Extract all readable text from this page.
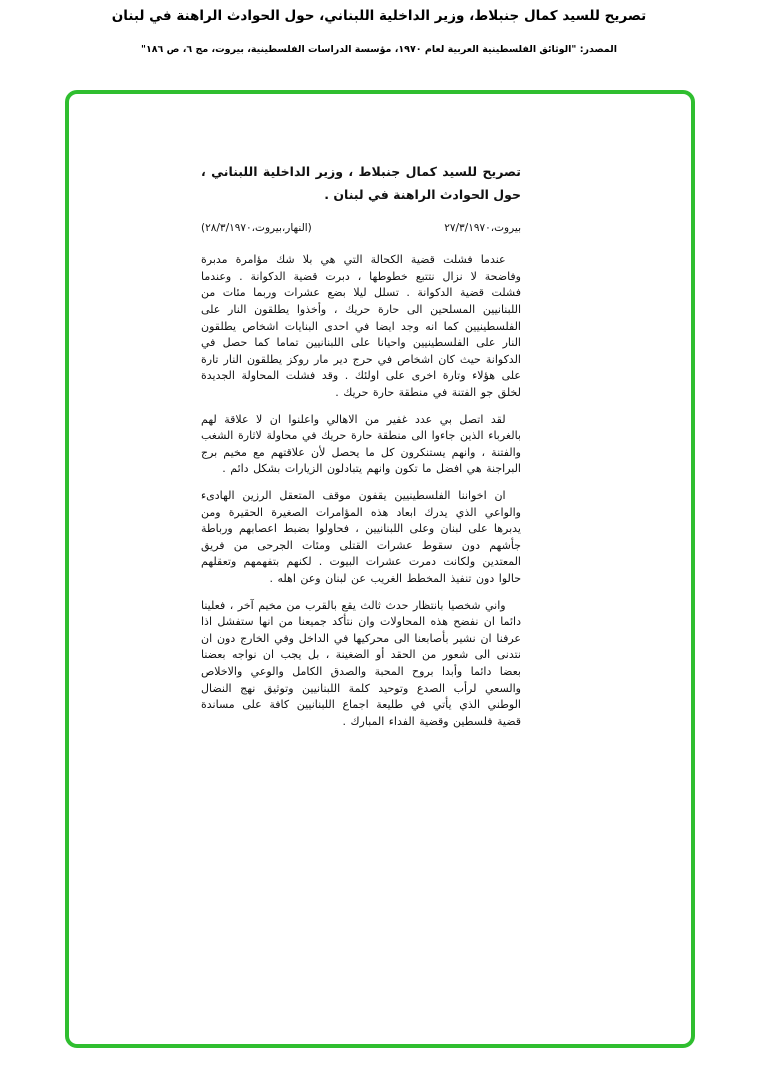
تصريح للسيد كمال جنبلاط، وزير الداخلية اللبناني، حول الحوادث الراهنة في لبنان
المصدر: "الوثائق الفلسطينية العربية لعام ١٩٧٠، مؤسسة الدراسات الفلسطينية، بيروت، مج ٦، ص ١٨٦"
تصريح للسيد كمال جنبلاط ، وزير الداخلية اللبناني ، حول الحوادث الراهنة في لبنان .
بيروت،٢٧/٣/١٩٧٠
(النهار،بيروت،٢٨/٣/١٩٧٠)

عندما فشلت قضية الكحالة التي هي بلا شك مؤامرة مدبرة وفاضحة لا نزال نتتبع خطوطها ، دبرت قضية الدكوانة . وعندما فشلت قضية الدكوانة . تسلل ليلا بضع عشرات وربما مئات من اللبنانيين المسلحين الى حارة حريك ، وأخذوا يطلقون النار على الفلسطينيين كما انه وجد ايضا في احدى البنايات اشخاص يطلقون النار على الفلسطينيين واحيانا على اللبنانيين تماما كما حصل في الدكوانة حيث كان اشخاص في حرج دير مار روكز يطلقون النار تارة على هؤلاء وتارة اخرى على اولئك . وقد فشلت المحاولة الجديدة لخلق جو الفتنة في منطقة حارة حريك .

لقد اتصل بي عدد غفير من الاهالي واعلنوا ان لا علاقة لهم بالغرباء الذين جاءوا الى منطقة حارة حريك في محاولة لاثارة الشغب والفتنة ، وانهم يستنكرون كل ما يحصل لأن علاقتهم مع مخيم برج البراجنة هي افضل ما تكون وانهم يتبادلون الزيارات بشكل دائم .

ان اخواننا الفلسطينيين يقفون موقف المتعقل الرزين الهادىء والواعي الذي يدرك ابعاد هذه المؤامرات الصغيرة الحقيرة ومن يدبرها على لبنان وعلى اللبنانيين ، فحاولوا بضبط اعصابهم ورباطة جأشهم دون سقوط عشرات القتلى ومئات الجرحى من فريق المعتدين ولكانت دمرت عشرات البيوت . لكنهم بتفهمهم وتعقلهم حالوا دون تنفيذ المخطط الغريب عن لبنان وعن اهله .

واني شخصيا بانتظار حدث ثالث يقع بالقرب من مخيم آخر ، فعلينا دائما ان نفضح هذه المحاولات وان نتأكد جميعنا من انها ستفشل اذا عرفنا ان نشير بأصابعنا الى محركيها في الداخل وفي الخارج دون ان نتدنى الى شعور من الحقد أو الضغينة ، بل يجب ان نواجه بعضنا بعضا دائما وأبدا بروح المحبة والصدق الكامل والوعي والاخلاص والسعي لرأب الصدع وتوحيد كلمة اللبنانيين وتوثيق نهج النضال الوطني الذي يأتي في طليعة اجماع اللبنانيين كافة على مساندة قضية فلسطين وقضية الفداء المبارك .
